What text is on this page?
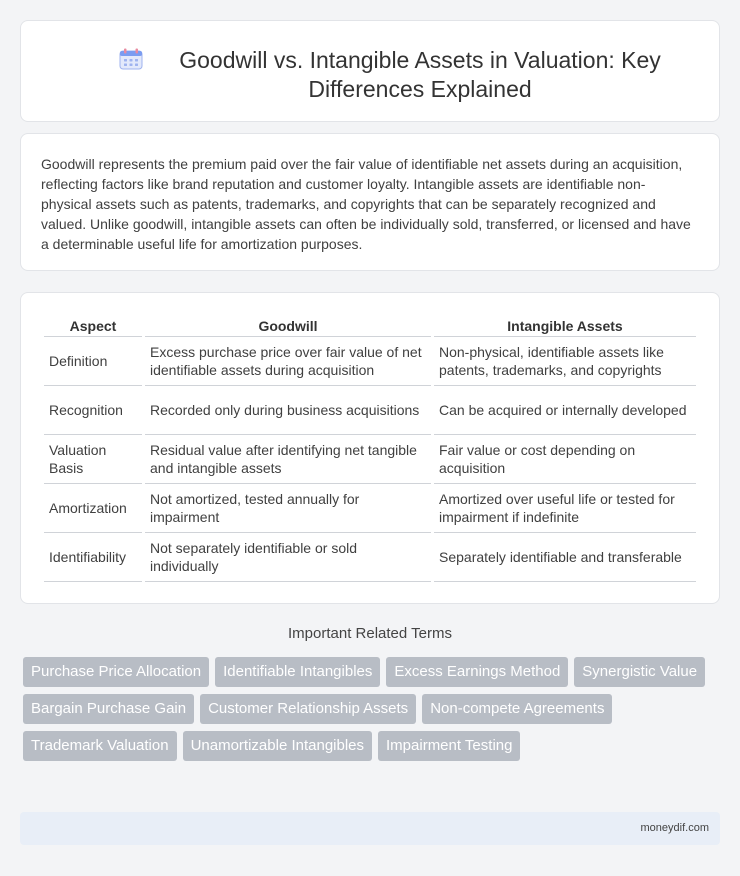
Goodwill vs. Intangible Assets in Valuation: Key Differences Explained

Goodwill represents the premium paid over the fair value of identifiable net assets during an acquisition, reflecting factors like brand reputation and customer loyalty. Intangible assets are identifiable non-physical assets such as patents, trademarks, and copyrights that can be separately recognized and valued. Unlike goodwill, intangible assets can often be individually sold, transferred, or licensed and have a determinable useful life for amortization purposes.

Aspect	Goodwill	Intangible Assets
Definition	Excess purchase price over fair value of net identifiable assets during acquisition	Non-physical, identifiable assets like patents, trademarks, and copyrights
Recognition	Recorded only during business acquisitions	Can be acquired or internally developed
Valuation Basis	Residual value after identifying net tangible and intangible assets	Fair value or cost depending on acquisition
Amortization	Not amortized, tested annually for impairment	Amortized over useful life or tested for impairment if indefinite
Identifiability	Not separately identifiable or sold individually	Separately identifiable and transferable
Important Related Terms
Purchase Price Allocation	Identifiable Intangibles	Excess Earnings Method	Synergistic Value
Bargain Purchase Gain	Customer Relationship Assets	Non-compete Agreements
Trademark Valuation	Unamortizable Intangibles	Impairment Testing
moneydif.com
